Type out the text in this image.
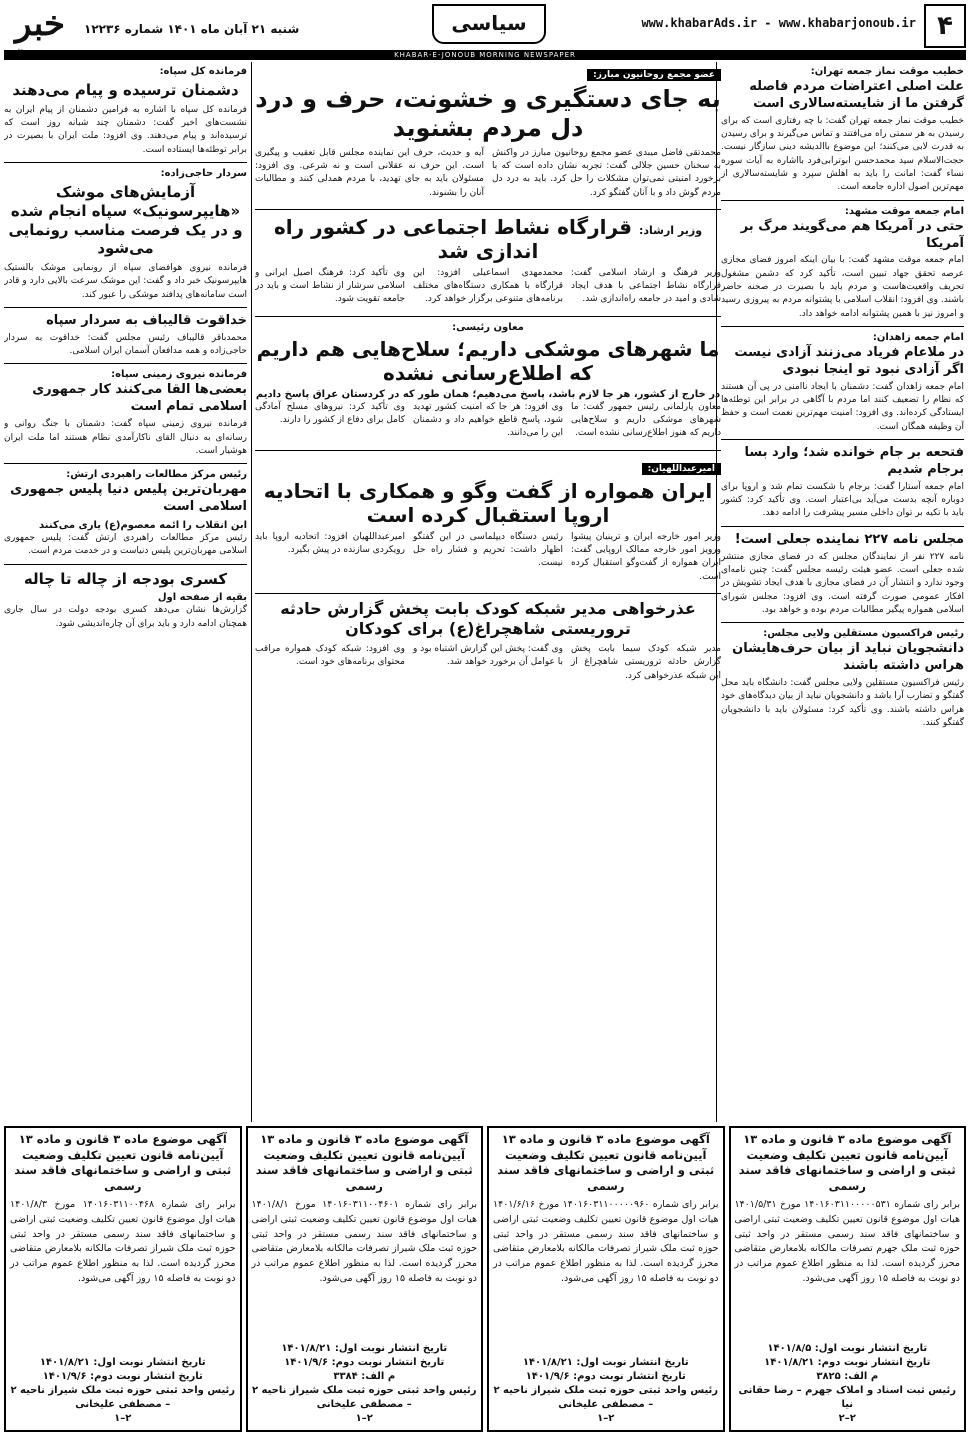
۴
www.khabarAds.ir - www.khabarjonoub.ir
سیاسی
شنبه ۲۱ آبان ماه ۱۴۰۱ شماره ۱۲۲۳۶
خبر
KHABAR-E-JONOUB MORNING NEWSPAPER
خطیب موقت نماز جمعه تهران:
علت اصلی اعتراضات مردم فاصله گرفتن ما از شایسته‌سالاری است

خطیب موقت نماز جمعه تهران گفت: با چه رفتاری است که برای رسیدن به هر سمتی راه می‌افتند و تماس می‌گیرند و برای رسیدن به قدرت لابی می‌کنند؛ این موضوع باالدیشه دینی سازگار نیست. حجت‌الاسلام سید محمدحسن ابوترابی‌فرد بااشاره به آیات سوره نساء گفت: امانت را باید به اهلش سپرد و شایسته‌سالاری از مهم‌ترین اصول اداره جامعه است.

امام جمعه موقت مشهد:
حتی در آمریکا هم می‌گویند مرگ بر آمریکا

امام جمعه موقت مشهد گفت: با بیان اینکه امروز فضای مجازی عرصه تحقق جهاد تبیین است، تأکید کرد که دشمن مشغول تحریف واقعیت‌هاست و مردم باید با بصیرت در صحنه حاضر باشند. وی افزود: انقلاب اسلامی با پشتوانه مردم به پیروزی رسید و امروز نیز با همین پشتوانه ادامه خواهد داد.

امام جمعه زاهدان:
در ملاعام فریاد می‌زنند آزادی نیست اگر آزادی نبود تو اینجا نبودی

امام جمعه زاهدان گفت: دشمنان با ایجاد ناامنی در پی آن هستند که نظام را تضعیف کنند اما مردم با آگاهی در برابر این توطئه‌ها ایستادگی کرده‌اند. وی افزود: امنیت مهم‌ترین نعمت است و حفظ آن وظیفه همگان است.

فتحعه بر جام خوانده شد؛ وارد بسا برجام شدیم

امام جمعه آستارا گفت: برجام با شکست تمام شد و اروپا برای دوباره آنچه بدست می‌آید بی‌اعتبار است. وی تأکید کرد: کشور باید با تکیه بر توان داخلی مسیر پیشرفت را ادامه دهد.

مجلس نامه ۲۲۷ نماینده جعلی است!

نامه ۲۲۷ نفر از نمایندگان مجلس که در فضای مجازی منتشر شده جعلی است. عضو هیئت رئیسه مجلس گفت: چنین نامه‌ای وجود ندارد و انتشار آن در فضای مجازی با هدف ایجاد تشویش در افکار عمومی صورت گرفته است. وی افزود: مجلس شورای اسلامی همواره پیگیر مطالبات مردم بوده و خواهد بود.

رئیس فراکسیون مستقلین ولایی مجلس:
دانشجویان نباید از بیان حرف‌هایشان هراس داشته باشند

رئیس فراکسیون مستقلین ولایی مجلس گفت: دانشگاه باید محل گفتگو و تضارب آرا باشد و دانشجویان نباید از بیان دیدگاه‌های خود هراس داشته باشند. وی تأکید کرد: مسئولان باید با دانشجویان گفتگو کنند.

عضو مجمع روحانیون مبارز:
به جای دستگیری و خشونت، حرف و درد دل مردم بشنوید

محمدتقی فاضل میبدی عضو مجمع روحانیون مبارز در واکنش به سخنان حسین جلالی گفت: تجربه نشان داده است که با برخورد امنیتی نمی‌توان مشکلات را حل کرد. باید به درد دل مردم گوش داد و با آنان گفتگو کرد.

آیه و حدیث، حرف این نماینده مجلس قابل تعقیب و پیگیری است. این حرف نه عقلانی است و نه شرعی. وی افزود: مسئولان باید به جای تهدید، با مردم همدلی کنند و مطالبات آنان را بشنوند.

وزیر ارشاد: قرارگاه نشاط اجتماعی در کشور راه اندازی شد

وزیر فرهنگ و ارشاد اسلامی گفت: قرارگاه نشاط اجتماعی با هدف ایجاد شادی و امید در جامعه راه‌اندازی شد.

محمدمهدی اسماعیلی افزود: این قرارگاه با همکاری دستگاه‌های مختلف برنامه‌های متنوعی برگزار خواهد کرد.

وی تأکید کرد: فرهنگ اصیل ایرانی و اسلامی سرشار از نشاط است و باید در جامعه تقویت شود.

معاون رئیسی:
ما شهرهای موشکی داریم؛ سلاح‌هایی هم داریم که اطلاع‌رسانی نشده
در خارج از کشور، هر جا لازم باشد، پاسخ می‌دهیم؛ همان طور که در کردستان عراق پاسخ دادیم

معاون پارلمانی رئیس جمهور گفت: ما شهرهای موشکی داریم و سلاح‌هایی داریم که هنوز اطلاع‌رسانی نشده است.

وی افزود: هر جا که امنیت کشور تهدید شود، پاسخ قاطع خواهیم داد و دشمنان این را می‌دانند.

وی تأکید کرد: نیروهای مسلح آمادگی کامل برای دفاع از کشور را دارند.

امیرعبداللهیان:
ایران همواره از گفت وگو و همکاری با اتحادیه اروپا استقبال کرده است

وزیر امور خارجه ایران و ترینیان پیشوا ورویز امور خارجه ممالک اروپایی گفت: ایران همواره از گفت‌وگو استقبال کرده است.

رئیس دستگاه دیپلماسی در این گفتگو اظهار داشت: تحریم و فشار راه حل نیست.

امیرعبداللهیان افزود: اتحادیه اروپا باید رویکردی سازنده در پیش بگیرد.

عذرخواهی مدیر شبکه کودک بابت پخش گزارش حادثه تروریستی شاهچراغ(ع) برای کودکان

مدیر شبکه کودک سیما بابت پخش گزارش حادثه تروریستی شاهچراغ از این شبکه عذرخواهی کرد.

وی گفت: پخش این گزارش اشتباه بود و با عوامل آن برخورد خواهد شد.

وی افزود: شبکه کودک همواره مراقب محتوای برنامه‌های خود است.

فرمانده کل سپاه:
دشمنان ترسیده و پیام می‌دهند

فرمانده کل سپاه با اشاره به فرامین دشمنان از پیام ایران به نشست‌های اخیر گفت: دشمنان چند شبانه روز است که ترسیده‌اند و پیام می‌دهند. وی افزود: ملت ایران با بصیرت در برابر توطئه‌ها ایستاده است.

سردار حاجی‌زاده:
آزمایش‌های موشک «هایپرسونیک» سپاه انجام شده و در یک فرصت مناسب رونمایی می‌شود

فرمانده نیروی هوافضای سپاه از رونمایی موشک بالستیک هایپرسونیک خبر داد و گفت: این موشک سرعت بالایی دارد و قادر است سامانه‌های پدافند موشکی را عبور کند.

خداقوت قالیباف به سردار سپاه

محمدباقر قالیباف رئیس مجلس گفت: خداقوت به سردار حاجی‌زاده و همه مدافعان آسمان ایران اسلامی.

فرمانده نیروی زمینی سپاه:
بعضی‌ها القا می‌کنند کار جمهوری اسلامی تمام است

فرمانده نیروی زمینی سپاه گفت: دشمنان با جنگ روانی و رسانه‌ای به دنبال القای ناکارآمدی نظام هستند اما ملت ایران هوشیار است.

رئیس مرکز مطالعات راهبردی ارتش:
مهربان‌ترین پلیس دنیا پلیس جمهوری اسلامی است
ابن انقلاب را ائمه معصوم(ع) یاری می‌کنند

رئیس مرکز مطالعات راهبردی ارتش گفت: پلیس جمهوری اسلامی مهربان‌ترین پلیس دنیاست و در خدمت مردم است.

کسری بودجه از چاله تا چاله
بقیه از صفحه اول

گزارش‌ها نشان می‌دهد کسری بودجه دولت در سال جاری همچنان ادامه دارد و باید برای آن چاره‌اندیشی شود.

آگهی موضوع ماده ۳ قانون و ماده ۱۳ آیین‌نامه قانون تعیین تکلیف وضعیت ثبتی و اراضی و ساختمانهای فاقد سند رسمی
برابر رای شماره ۱۴۰۱۶۰۳۱۱۰۰۰۰۰۵۳۱ مورخ ۱۴۰۱/۵/۳۱ هیات اول موضوع قانون تعیین تکلیف وضعیت ثبتی اراضی و ساختمانهای فاقد سند رسمی مستقر در واحد ثبتی حوزه ثبت ملک جهرم تصرفات مالکانه بلامعارض متقاضی محرز گردیده است. لذا به منظور اطلاع عموم مراتب در دو نوبت به فاصله ۱۵ روز آگهی می‌شود.
تاریخ انتشار نوبت اول: ۱۴۰۱/۸/۵
تاریخ انتشار نوبت دوم: ۱۴۰۱/۸/۲۱
م الف: ۳۸۲۵
رئیس ثبت اسناد و املاک جهرم – رضا حقانی نیا
۲–۲
آگهی موضوع ماده ۳ قانون و ماده ۱۳ آیین‌نامه قانون تعیین تکلیف وضعیت ثبتی و اراضی و ساختمانهای فاقد سند رسمی
برابر رای شماره ۱۴۰۱۶۰۳۱۱۰۰۰۰۰۹۶۰ مورخ ۱۴۰۱/۶/۱۶ هیات اول موضوع قانون تعیین تکلیف وضعیت ثبتی اراضی و ساختمانهای فاقد سند رسمی مستقر در واحد ثبتی حوزه ثبت ملک شیراز تصرفات مالکانه بلامعارض متقاضی محرز گردیده است. لذا به منظور اطلاع عموم مراتب در دو نوبت به فاصله ۱۵ روز آگهی می‌شود.
تاریخ انتشار نوبت اول: ۱۴۰۱/۸/۲۱
تاریخ انتشار نوبت دوم: ۱۴۰۱/۹/۶
رئیس واحد ثبتی حوزه ثبت ملک شیراز ناحیه ۲ – مصطفی علیخانی
۲–۱
آگهی موضوع ماده ۳ قانون و ماده ۱۳ آیین‌نامه قانون تعیین تکلیف وضعیت ثبتی و اراضی و ساختمانهای فاقد سند رسمی
برابر رای شماره ۱۴۰۱۶۰۳۱۱۰۰۴۶۰۱ مورخ ۱۴۰۱/۸/۱ هیات اول موضوع قانون تعیین تکلیف وضعیت ثبتی اراضی و ساختمانهای فاقد سند رسمی مستقر در واحد ثبتی حوزه ثبت ملک شیراز تصرفات مالکانه بلامعارض متقاضی محرز گردیده است. لذا به منظور اطلاع عموم مراتب در دو نوبت به فاصله ۱۵ روز آگهی می‌شود.
تاریخ انتشار نوبت اول: ۱۴۰۱/۸/۲۱
تاریخ انتشار نوبت دوم: ۱۴۰۱/۹/۶
م الف: ۳۳۸۴
رئیس واحد ثبتی حوزه ثبت ملک شیراز ناحیه ۲ – مصطفی علیخانی
۲–۱
آگهی موضوع ماده ۳ قانون و ماده ۱۳ آیین‌نامه قانون تعیین تکلیف وضعیت ثبتی و اراضی و ساختمانهای فاقد سند رسمی
برابر رای شماره ۱۴۰۱۶۰۳۱۱۰۰۴۶۸ مورخ ۱۴۰۱/۸/۳ هیات اول موضوع قانون تعیین تکلیف وضعیت ثبتی اراضی و ساختمانهای فاقد سند رسمی مستقر در واحد ثبتی حوزه ثبت ملک شیراز تصرفات مالکانه بلامعارض متقاضی محرز گردیده است. لذا به منظور اطلاع عموم مراتب در دو نوبت به فاصله ۱۵ روز آگهی می‌شود.
تاریخ انتشار نوبت اول: ۱۴۰۱/۸/۲۱
تاریخ انتشار نوبت دوم: ۱۴۰۱/۹/۶
رئیس واحد ثبتی حوزه ثبت ملک شیراز ناحیه ۲ – مصطفی علیخانی
۲–۱
